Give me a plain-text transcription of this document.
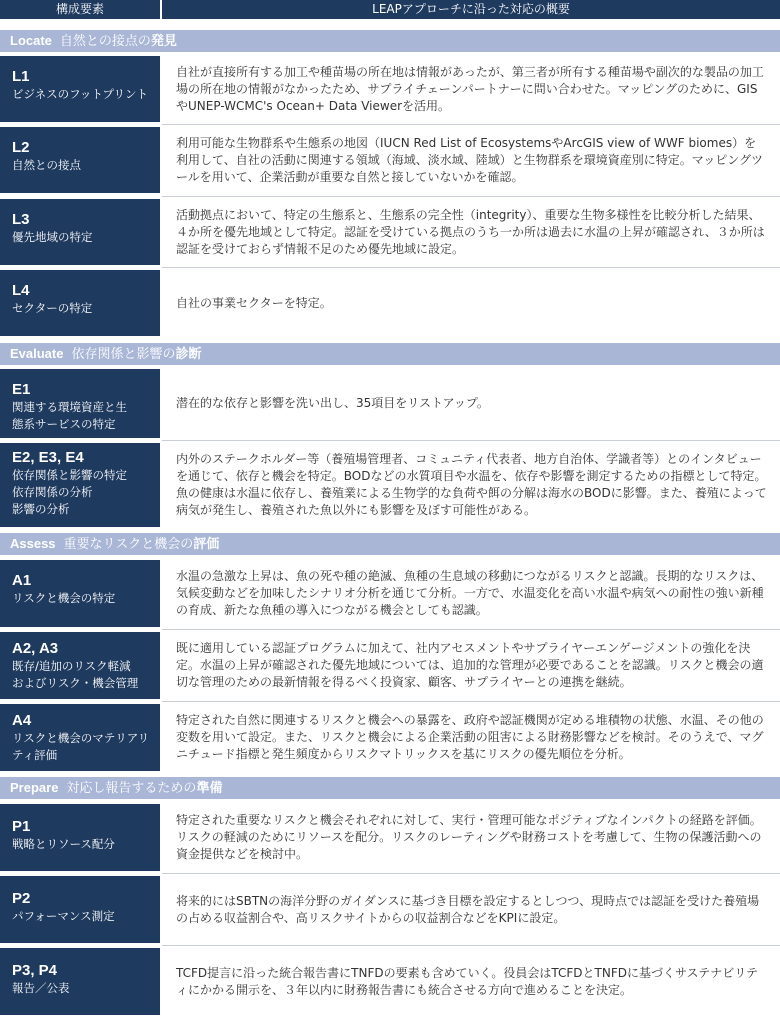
構成要素	LEAPアプローチに沿った対応の概要
Locate 自然との接点の発見
L1
ビジネスのフットプリント
自社が直接所有する加工や種苗場の所在地は情報があったが、第三者が所有する種苗場や副次的な製品の加工場の所在地の情報がなかったため、サプライチェーンパートナーに問い合わせた。マッピングのために、GISやUNEP-WCMC's Ocean+ Data Viewerを活用。
L2
自然との接点
利用可能な生物群系や生態系の地図（IUCN Red List of EcosystemsやArcGIS view of WWF biomes）を利用して、自社の活動に関連する領域（海域、淡水域、陸域）と生物群系を環境資産別に特定。マッピングツールを用いて、企業活動が重要な自然と接していないかを確認。
L3
優先地域の特定
活動拠点において、特定の生態系と、生態系の完全性（integrity）、重要な生物多様性を比較分析した結果、４か所を優先地域として特定。認証を受けている拠点のうち一か所は過去に水温の上昇が確認され、３か所は認証を受けておらず情報不足のため優先地域に設定。
L4
セクターの特定	自社の事業セクターを特定。
Evaluate 依存関係と影響の診断
E1
関連する環境資産と生
態系サービスの特定
潜在的な依存と影響を洗い出し、35項目をリストアップ。
E2, E3, E4
依存関係と影響の特定
依存関係の分析
影響の分析
内外のステークホルダー等（養殖場管理者、コミュニティ代表者、地方自治体、学識者等）とのインタビューを通じて、依存と機会を特定。BODなどの水質項目や水温を、依存や影響を測定するための指標として特定。魚の健康は水温に依存し、養殖業による生物学的な負荷や餌の分解は海水のBODに影響。また、養殖によって病気が発生し、養殖された魚以外にも影響を及ぼす可能性がある。
Assess 重要なリスクと機会の評価
A1
リスクと機会の特定
水温の急激な上昇は、魚の死や種の絶滅、魚種の生息域の移動につながるリスクと認識。長期的なリスクは、気候変動などを加味したシナリオ分析を通じて分析。一方で、水温変化を高い水温や病気への耐性の強い新種の育成、新たな魚種の導入につながる機会としても認識。
A2, A3
既存/追加のリスク軽減
およびリスク・機会管理
既に適用している認証プログラムに加えて、社内アセスメントやサプライヤーエンゲージメントの強化を決定。水温の上昇が確認された優先地域については、追加的な管理が必要であることを認識。リスクと機会の適切な管理のための最新情報を得るべく投資家、顧客、サプライヤーとの連携を継続。
A4
リスクと機会のマテリアリ
ティ評価
特定された自然に関連するリスクと機会への暴露を、政府や認証機関が定める堆積物の状態、水温、その他の変数を用いて設定。また、リスクと機会による企業活動の阻害による財務影響などを検討。そのうえで、マグニチュード指標と発生頻度からリスクマトリックスを基にリスクの優先順位を分析。
Prepare 対応し報告するための準備
P1
戦略とリソース配分
特定された重要なリスクと機会それぞれに対して、実行・管理可能なポジティブなインパクトの経路を評価。リスクの軽減のためにリソースを配分。リスクのレーティングや財務コストを考慮して、生物の保護活動への資金提供などを検討中。
P2
パフォーマンス測定
将来的にはSBTNの海洋分野のガイダンスに基づき目標を設定するとしつつ、現時点では認証を受けた養殖場の占める収益割合や、高リスクサイトからの収益割合などをKPIに設定。
P3, P4
報告／公表
TCFD提言に沿った統合報告書にTNFDの要素も含めていく。役員会はTCFDとTNFDに基づくサステナビリティにかかる開示を、３年以内に財務報告書にも統合させる方向で進めることを決定。
